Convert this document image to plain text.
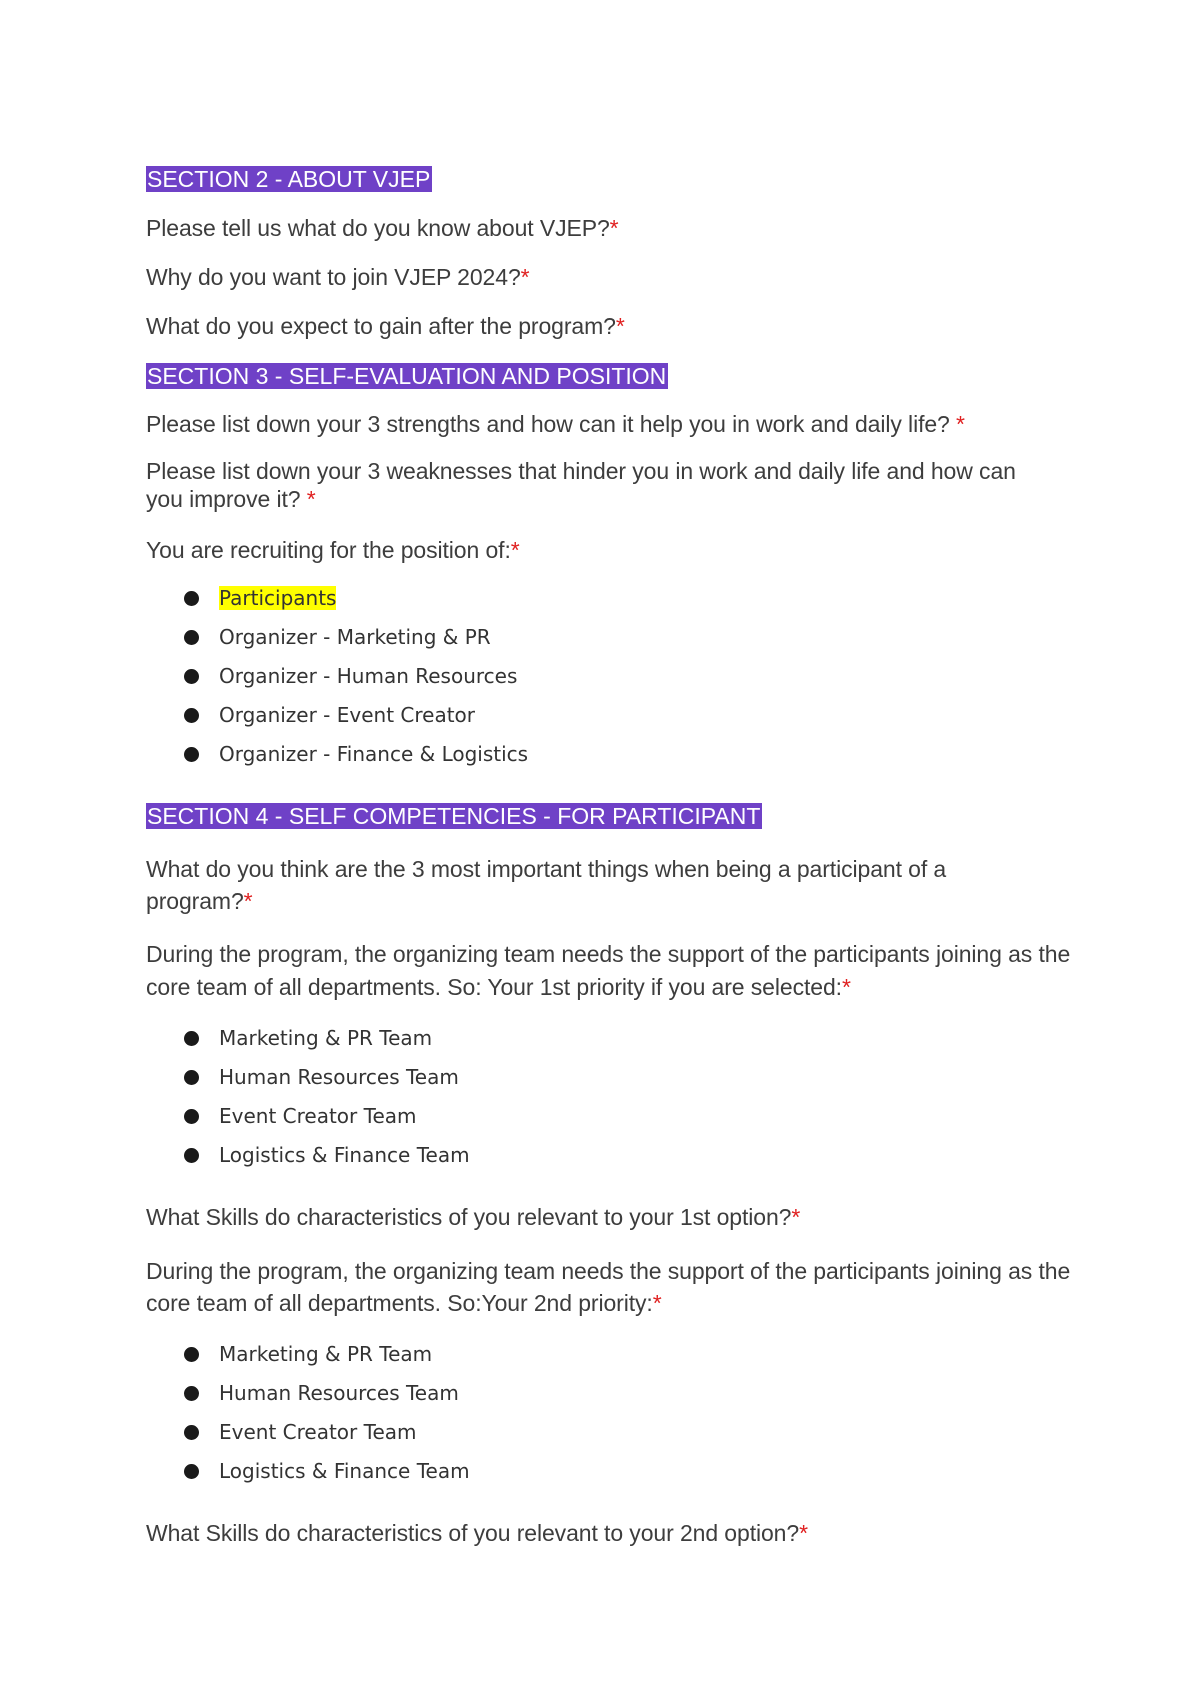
SECTION 2 - ABOUT VJEP
Please tell us what do you know about VJEP?*
Why do you want to join VJEP 2024?*
What do you expect to gain after the program?*
SECTION 3 - SELF-EVALUATION AND POSITION
Please list down your 3 strengths and how can it help you in work and daily life? *
Please list down your 3 weaknesses that hinder you in work and daily life and how can you improve it? *
You are recruiting for the position of:*
Participants
Organizer - Marketing & PR
Organizer - Human Resources
Organizer - Event Creator
Organizer - Finance & Logistics
SECTION 4 - SELF COMPETENCIES - FOR PARTICIPANT
What do you think are the 3 most important things when being a participant of a program?*
During the program, the organizing team needs the support of the participants joining as the core team of all departments. So: Your 1st priority if you are selected:*
Marketing & PR Team
Human Resources Team
Event Creator Team
Logistics & Finance Team
What Skills do characteristics of you relevant to your 1st option?*
During the program, the organizing team needs the support of the participants joining as the core team of all departments. So:Your 2nd priority:*
Marketing & PR Team
Human Resources Team
Event Creator Team
Logistics & Finance Team
What Skills do characteristics of you relevant to your 2nd option?*
